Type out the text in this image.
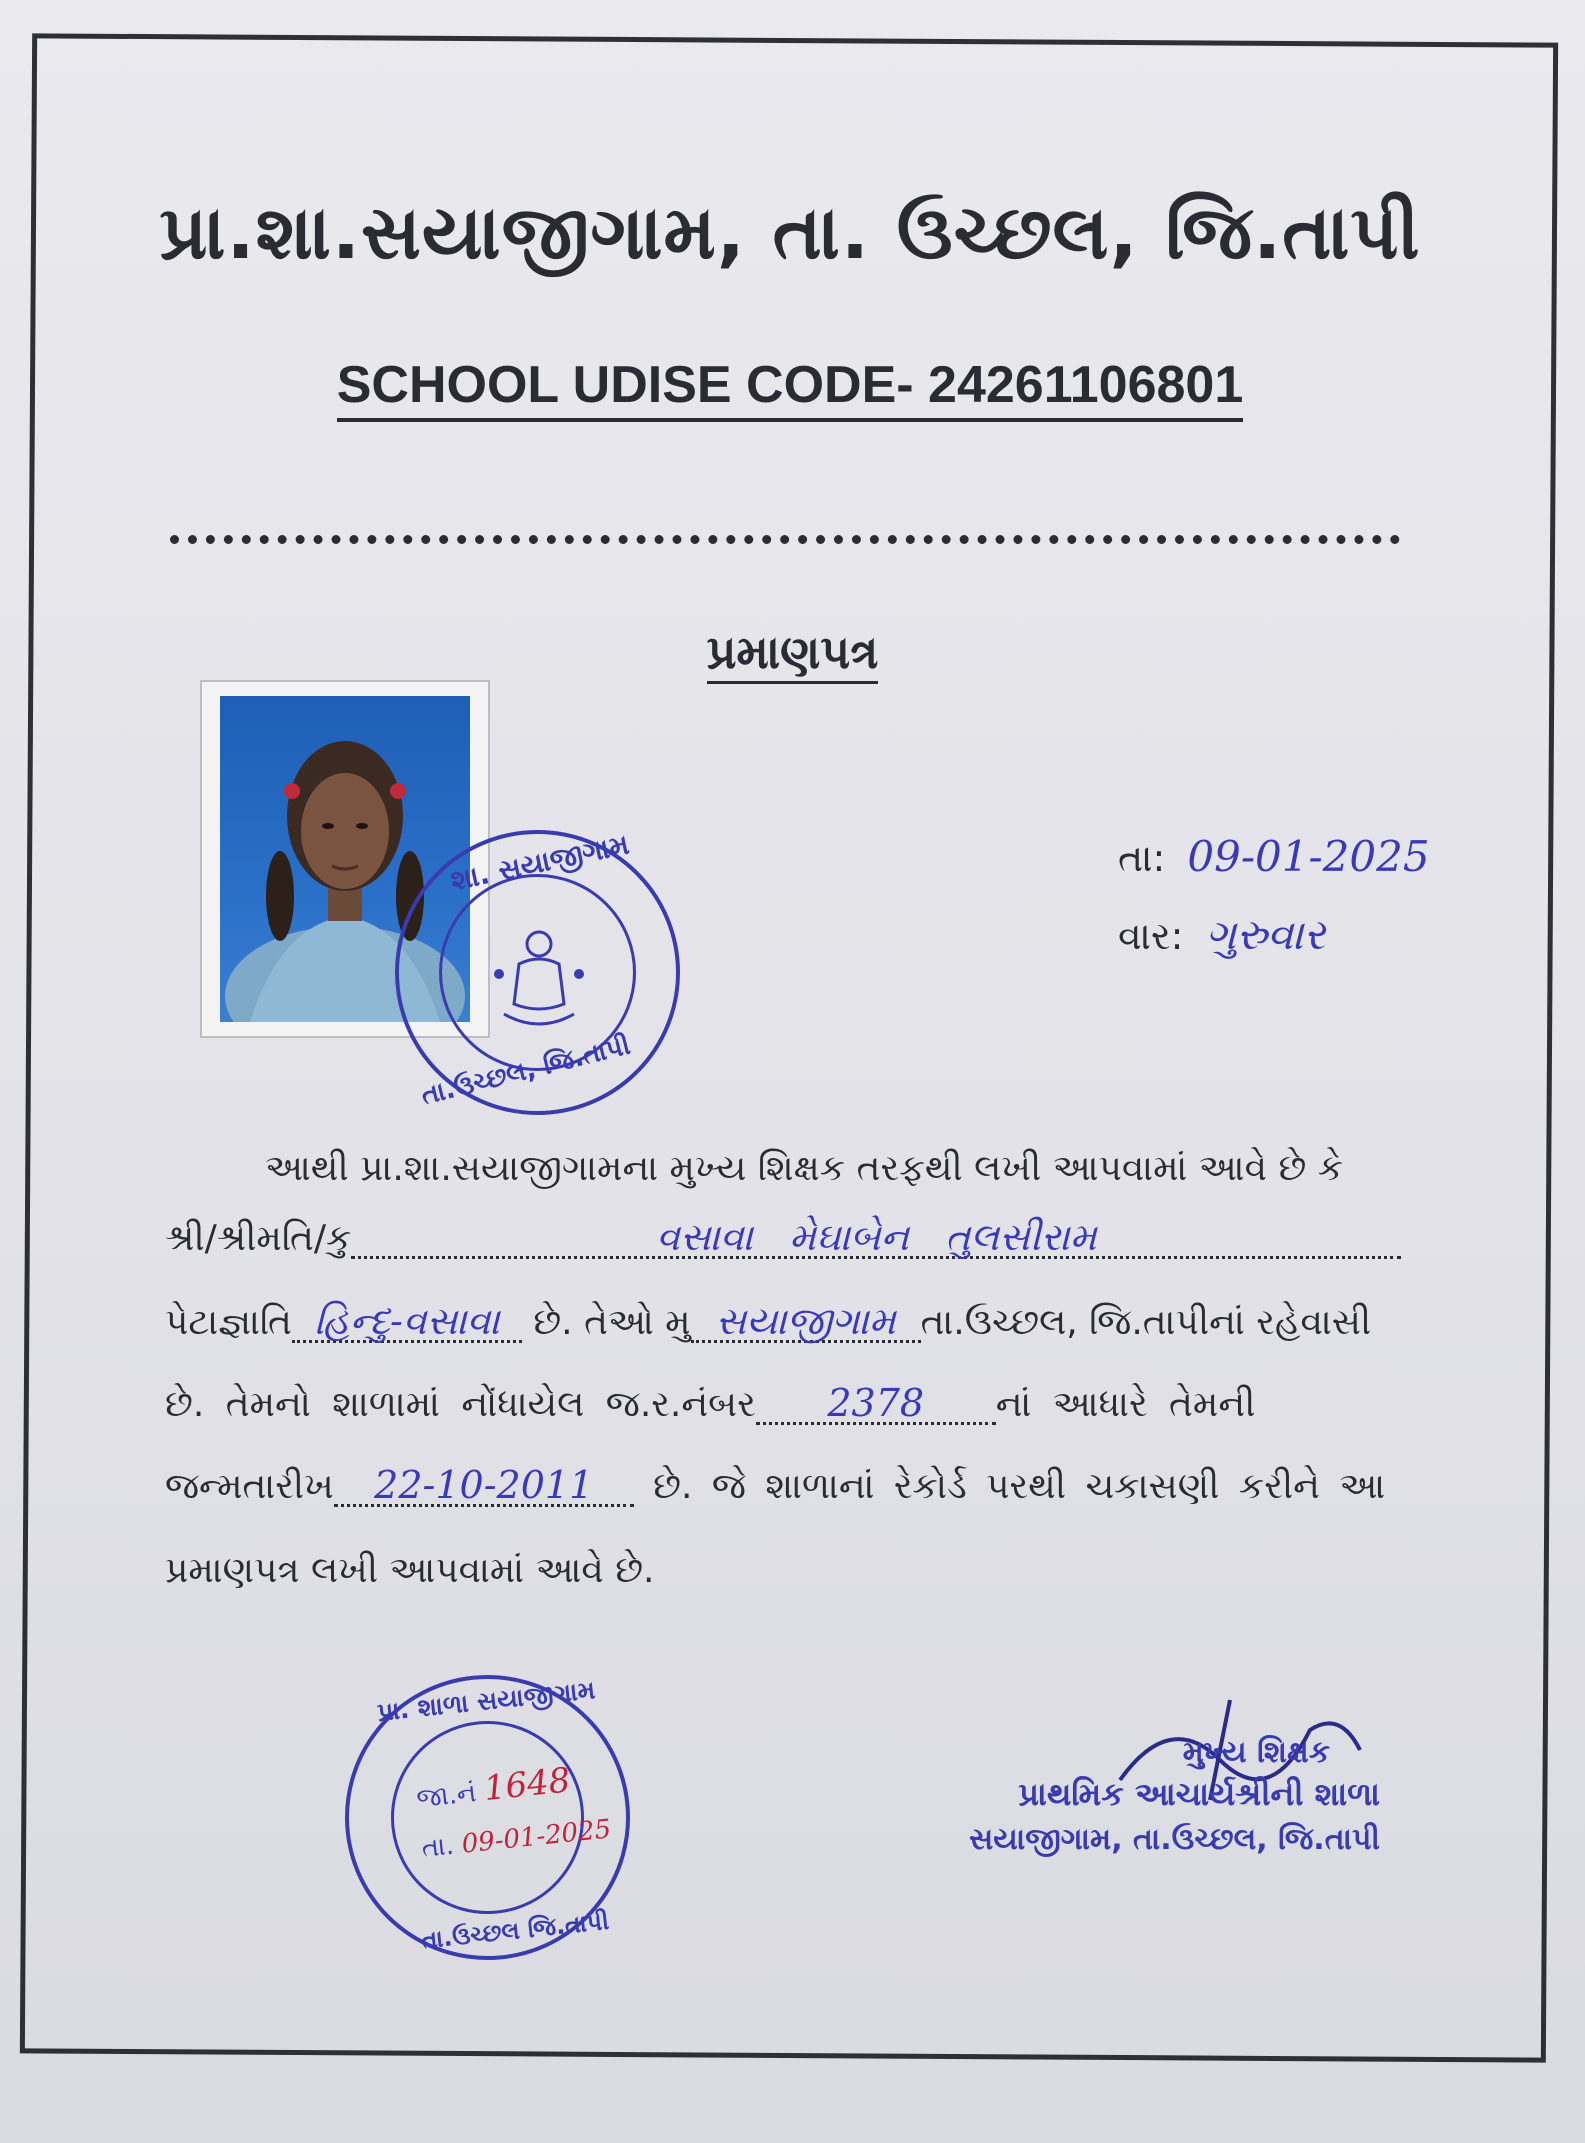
પ્રા.શા.સયાજીગામ, તા. ઉચ્છલ, જિ.તાપી
SCHOOL UDISE CODE- 24261106801
પ્રમાણપત્ર
શા. સયાજીગામ
તા.ઉચ્છલ, જિ.તાપી
તા: 09-01-2025
વાર: ગુરુવાર
આથી પ્રા.શા.સયાજીગામના મુખ્ય શિક્ષક તરફથી લખી આપવામાં આવે છે કે
શ્રી/શ્રીમતિ/કુ	વસાવા   મેઘાબેન   તુલસીરામ
પેટાજ્ઞાતિ હિન્દુ-વસાવા છે. તેઓ મુ સયાજીગામ તા.ઉચ્છલ, જિ.તાપીનાં રહેવાસી
છે. તેમનો શાળામાં નોંધાયેલ જ.ર.નંબર 2378 નાં આધારે તેમની
જન્મતારીખ 22-10-2011 છે. જે શાળાનાં રેકોર્ડ પરથી ચકાસણી કરીને આ
પ્રમાણપત્ર લખી આપવામાં આવે છે.
પ્રા. શાળા સયાજીગામ
તા.ઉચ્છલ જિ.તાપી
જા.નં 1648
તા. 09-01-2025
મુખ્ય શિક્ષક
પ્રાથમિક આચાર્યશ્રીની શાળા
સયાજીગામ, તા.ઉચ્છલ, જિ.તાપી
